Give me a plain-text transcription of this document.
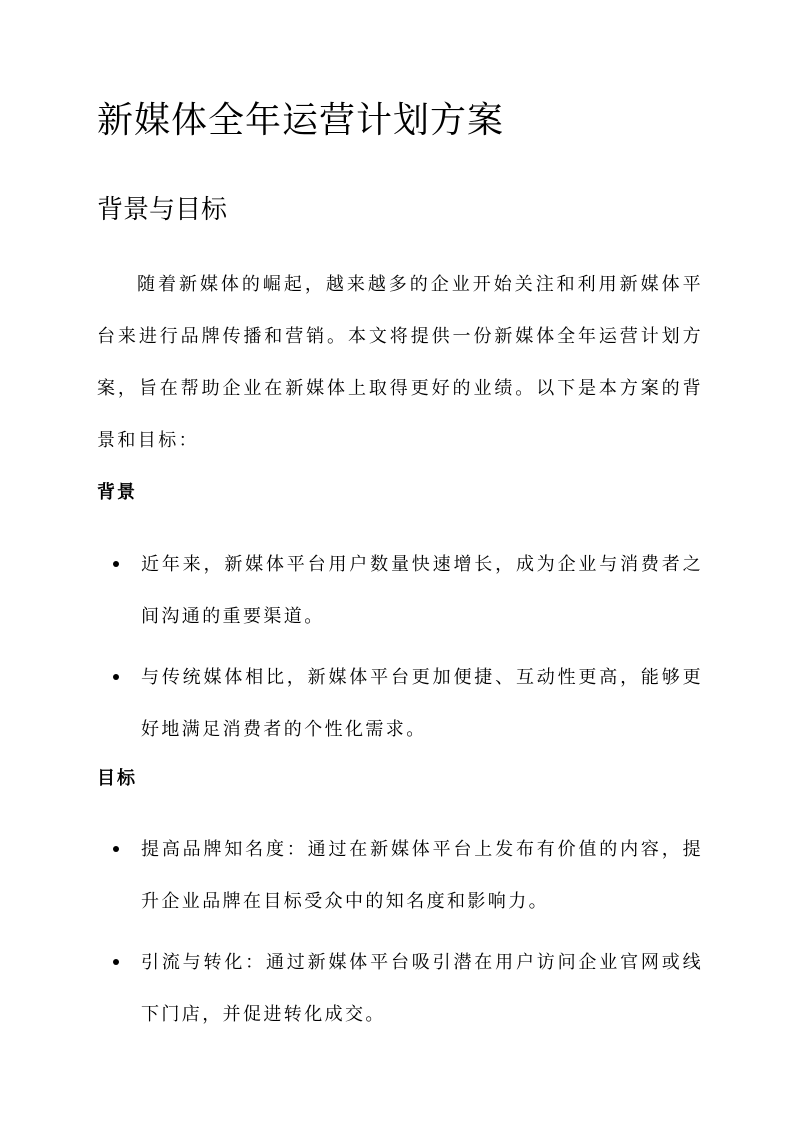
新媒体全年运营计划方案
背景与目标

随着新媒体的崛起，越来越多的企业开始关注和利用新媒体平台来进行品牌传播和营销。本文将提供一份新媒体全年运营计划方案，旨在帮助企业在新媒体上取得更好的业绩。以下是本方案的背景和目标：

背景
近年来，新媒体平台用户数量快速增长，成为企业与消费者之间沟通的重要渠道。
与传统媒体相比，新媒体平台更加便捷、互动性更高，能够更好地满足消费者的个性化需求。
目标
提高品牌知名度：通过在新媒体平台上发布有价值的内容，提升企业品牌在目标受众中的知名度和影响力。
引流与转化：通过新媒体平台吸引潜在用户访问企业官网或线下门店，并促进转化成交。
